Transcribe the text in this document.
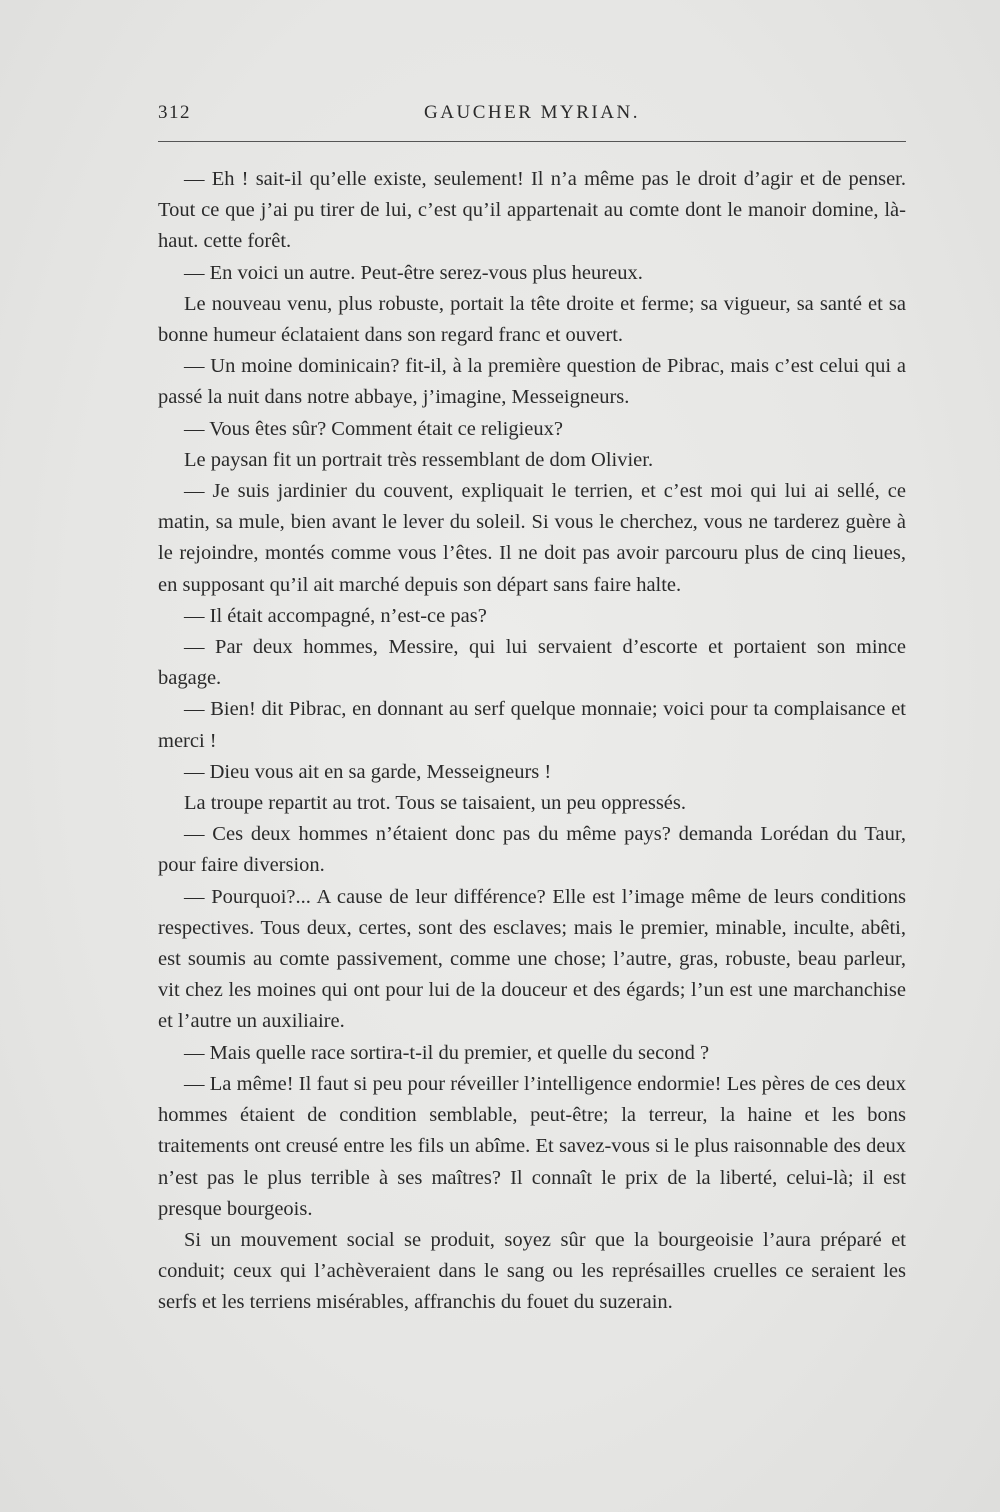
312	GAUCHER MYRIAN.

— Eh ! sait-il qu’elle existe, seulement! Il n’a même pas le droit d’agir et de penser. Tout ce que j’ai pu tirer de lui, c’est qu’il appartenait au comte dont le manoir domine, là-haut. cette forêt.

— En voici un autre. Peut-être serez-vous plus heureux.

Le nouveau venu, plus robuste, portait la tête droite et ferme; sa vigueur, sa santé et sa bonne humeur éclataient dans son regard franc et ouvert.

— Un moine dominicain? fit-il, à la première question de Pibrac, mais c’est celui qui a passé la nuit dans notre abbaye, j’imagine, Messeigneurs.

— Vous êtes sûr? Comment était ce religieux?

Le paysan fit un portrait très ressemblant de dom Olivier.

— Je suis jardinier du couvent, expliquait le terrien, et c’est moi qui lui ai sellé, ce matin, sa mule, bien avant le lever du soleil. Si vous le cherchez, vous ne tarderez guère à le rejoindre, montés comme vous l’êtes. Il ne doit pas avoir parcouru plus de cinq lieues, en supposant qu’il ait marché depuis son départ sans faire halte.

— Il était accompagné, n’est-ce pas?

— Par deux hommes, Messire, qui lui servaient d’escorte et portaient son mince bagage.

— Bien! dit Pibrac, en donnant au serf quelque monnaie; voici pour ta complaisance et merci !

— Dieu vous ait en sa garde, Messeigneurs !

La troupe repartit au trot. Tous se taisaient, un peu oppressés.

— Ces deux hommes n’étaient donc pas du même pays? demanda Lorédan du Taur, pour faire diversion.

— Pourquoi?... A cause de leur différence? Elle est l’image même de leurs conditions respectives. Tous deux, certes, sont des esclaves; mais le premier, minable, inculte, abêti, est soumis au comte passivement, comme une chose; l’autre, gras, robuste, beau parleur, vit chez les moines qui ont pour lui de la douceur et des égards; l’un est une marchanchise et l’autre un auxiliaire.

— Mais quelle race sortira-t-il du premier, et quelle du second ?

— La même! Il faut si peu pour réveiller l’intelligence endormie! Les pères de ces deux hommes étaient de condition semblable, peut-être; la terreur, la haine et les bons traitements ont creusé entre les fils un abîme. Et savez-vous si le plus raisonnable des deux n’est pas le plus terrible à ses maîtres? Il connaît le prix de la liberté, celui-là; il est presque bourgeois.

Si un mouvement social se produit, soyez sûr que la bourgeoisie l’aura préparé et conduit; ceux qui l’achèveraient dans le sang ou les représailles cruelles ce seraient les serfs et les terriens misérables, affranchis du fouet du suzerain.
